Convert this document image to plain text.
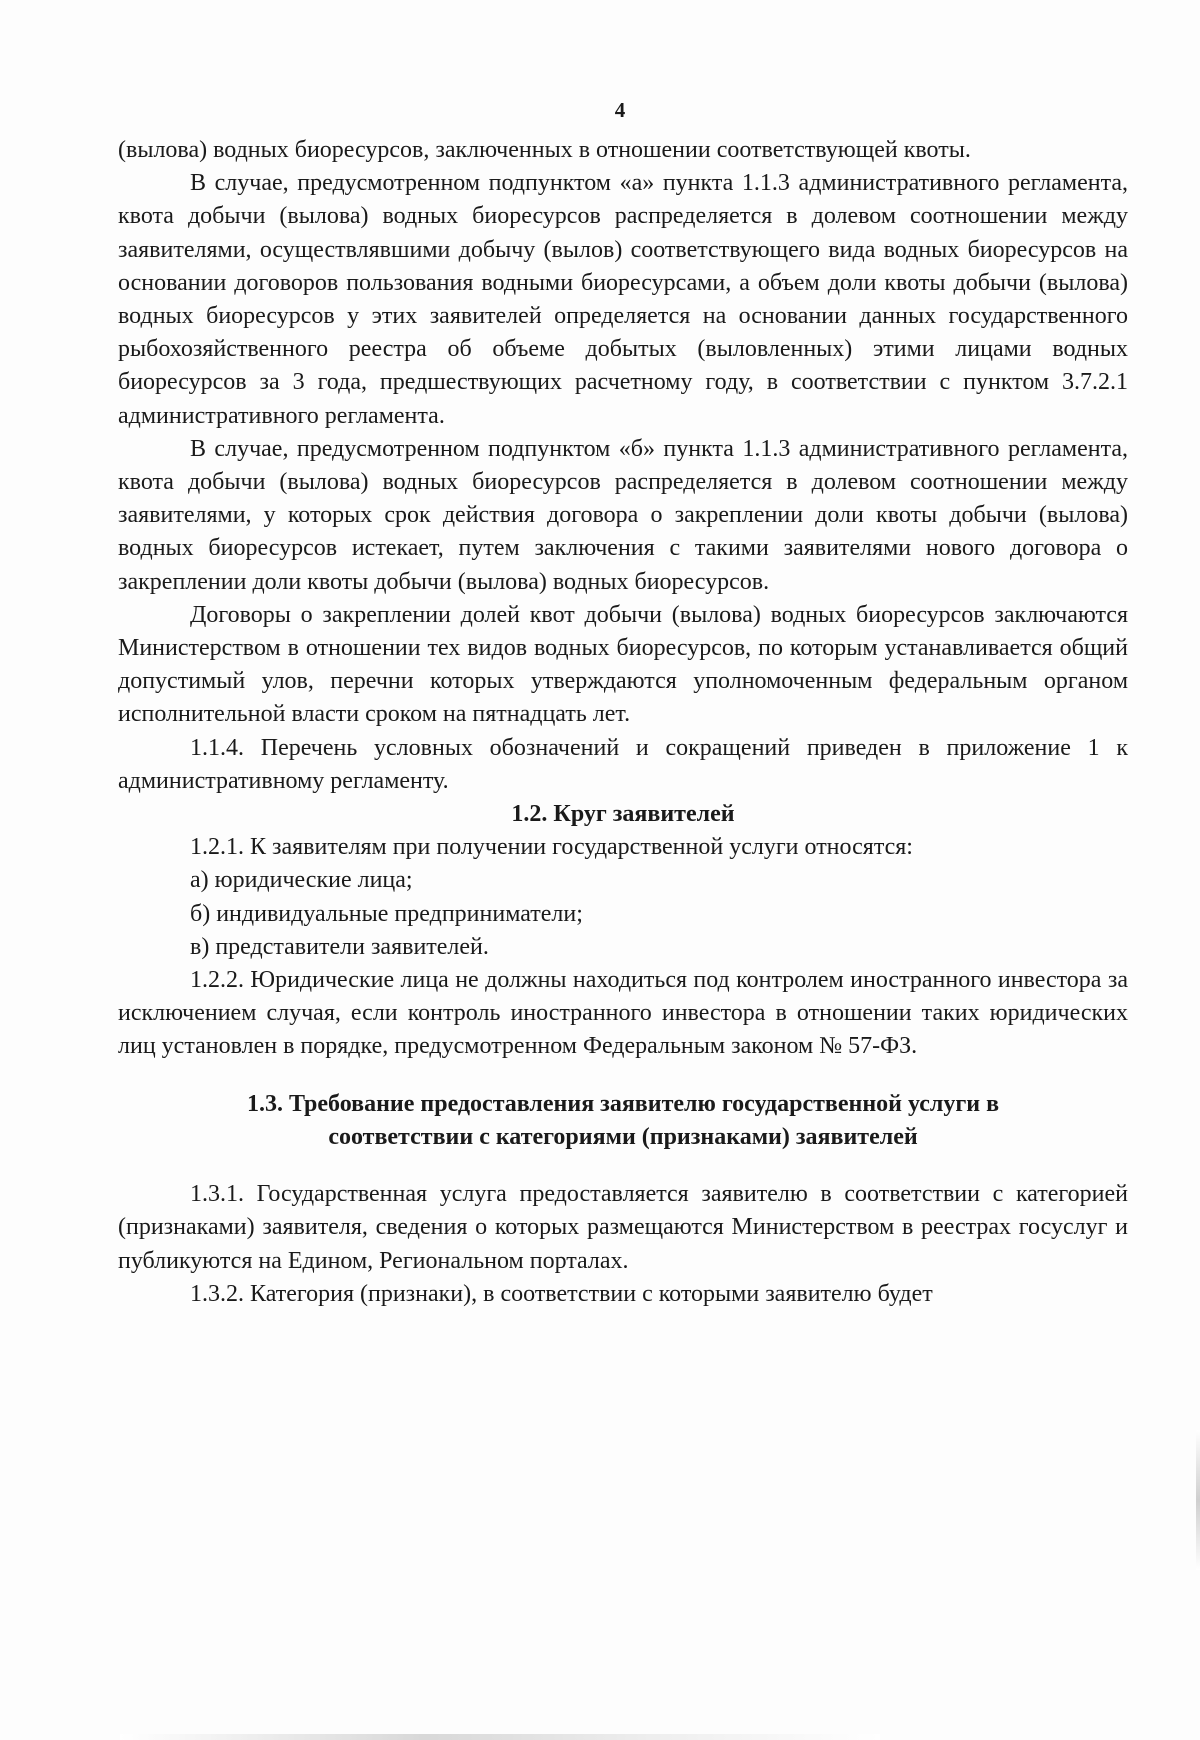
4

(вылова) водных биоресурсов, заключенных в отношении соответствующей квоты.

В случае, предусмотренном подпунктом «а» пункта 1.1.3 административного регламента, квота добычи (вылова) водных биоресурсов распределяется в долевом соотношении между заявителями, осуществлявшими добычу (вылов) соответствующего вида водных биоресурсов на основании договоров пользования водными биоресурсами, а объем доли квоты добычи (вылова) водных биоресурсов у этих заявителей определяется на основании данных государственного рыбохозяйственного реестра об объеме добытых (выловленных) этими лицами водных биоресурсов за 3 года, предшествующих расчетному году, в соответствии с пунктом 3.7.2.1 административного регламента.

В случае, предусмотренном подпунктом «б» пункта 1.1.3 административного регламента, квота добычи (вылова) водных биоресурсов распределяется в долевом соотношении между заявителями, у которых срок действия договора о закреплении доли квоты добычи (вылова) водных биоресурсов истекает, путем заключения с такими заявителями нового договора о закреплении доли квоты добычи (вылова) водных биоресурсов.

Договоры о закреплении долей квот добычи (вылова) водных биоресурсов заключаются Министерством в отношении тех видов водных биоресурсов, по которым устанавливается общий допустимый улов, перечни которых утверждаются уполномоченным федеральным органом исполнительной власти сроком на пятнадцать лет.

1.1.4. Перечень условных обозначений и сокращений приведен в приложение 1 к административному регламенту.

1.2. Круг заявителей

1.2.1. К заявителям при получении государственной услуги относятся:

а) юридические лица;

б) индивидуальные предприниматели;

в) представители заявителей.

1.2.2. Юридические лица не должны находиться под контролем иностранного инвестора за исключением случая, если контроль иностранного инвестора в отношении таких юридических лиц установлен в порядке, предусмотренном Федеральным законом № 57-ФЗ.

1.3. Требование предоставления заявителю государственной услуги в

соответствии с категориями (признаками) заявителей

1.3.1. Государственная услуга предоставляется заявителю в соответствии с категорией (признаками) заявителя, сведения о которых размещаются Министерством в реестрах госуслуг и публикуются на Едином, Региональном порталах.

1.3.2. Категория (признаки), в соответствии с которыми заявителю будет
